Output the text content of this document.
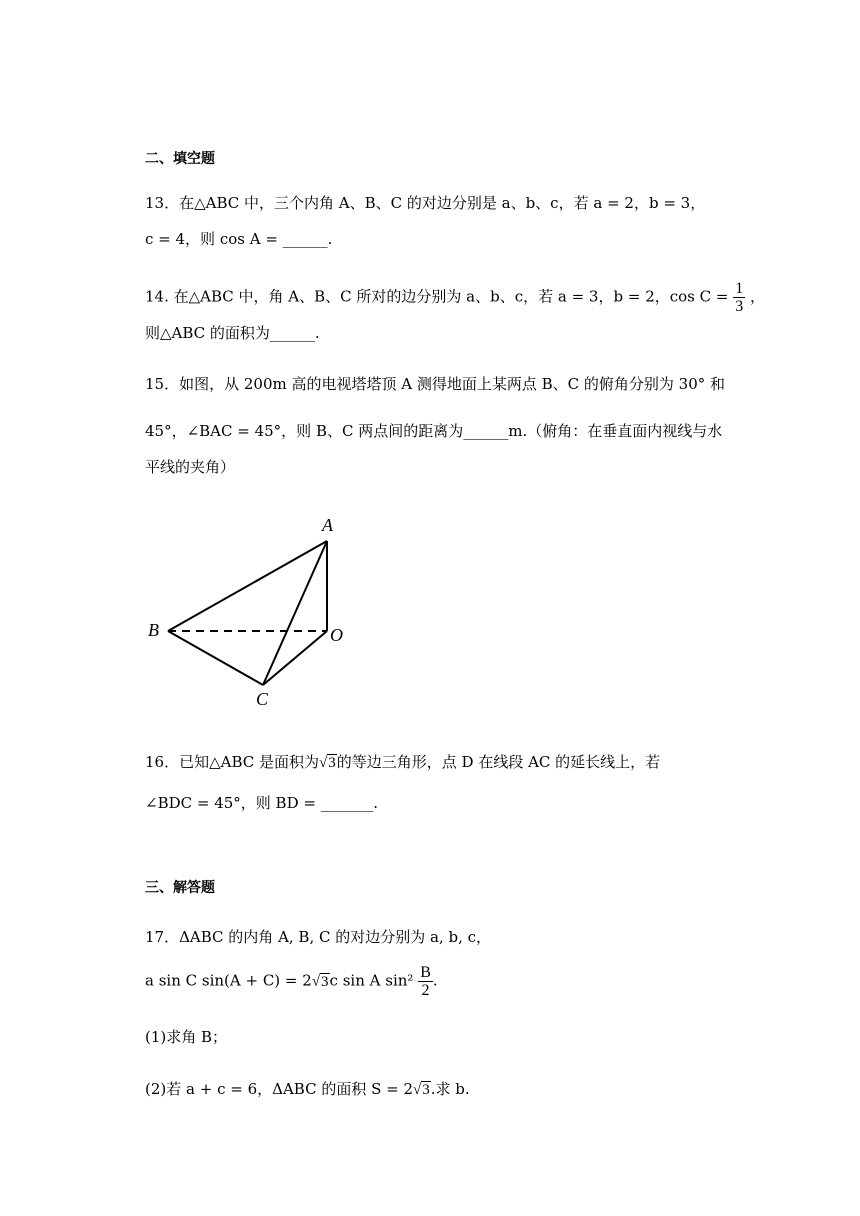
二、填空题
13．在△ABC 中，三个内角 A、B、C 的对边分别是 a、b、c，若 a = 2，b = 3，
c = 4，则 cos A = ______.
14. 在△ABC 中，角 A、B、C 所对的边分别为 a、b、c，若 a = 3，b = 2，$\cos C = \frac{1}{3}$ ，
则△ABC 的面积为______.
15．如图，从 200m 高的电视塔塔顶 A 测得地面上某两点 B、C 的俯角分别为 30° 和
45°，∠BAC = 45°，则 B、C 两点间的距离为______m.（俯角：在垂直面内视线与水
平线的夹角）
A
B
C
O
16．已知△ABC 是面积为√3的等边三角形，点 D 在线段 AC 的延长线上，若
∠BDC = 45°，则 BD = _______.
三、解答题
17．ΔABC 的内角 A, B, C 的对边分别为 a, b, c，
a sin C sin(A + C) = 2√3c sin A $\sin^2 \frac{B}{2}$ .
(1)求角 B；
(2)若 a + c = 6，ΔABC 的面积 S = 2√3.求 b.
